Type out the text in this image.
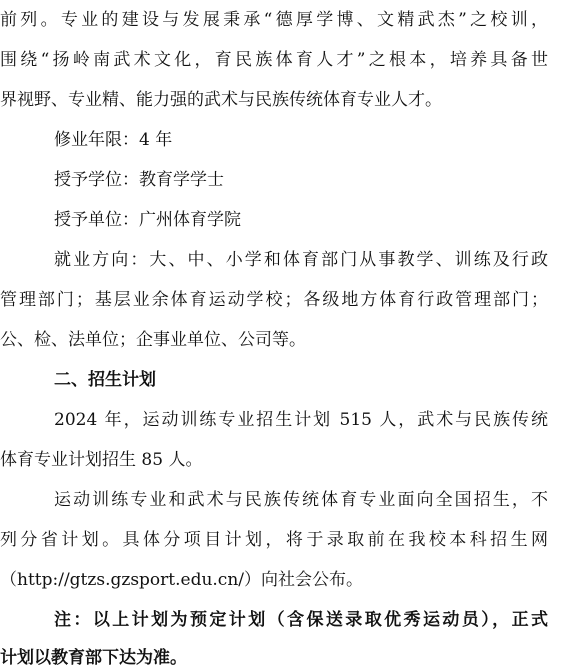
前列。专业的建设与发展秉承“德厚学博、文精武杰”之校训，
围绕“扬岭南武术文化，育民族体育人才”之根本，培养具备世
界视野、专业精、能力强的武术与民族传统体育专业人才。
修业年限：4 年
授予学位：教育学学士
授予单位：广州体育学院
就业方向：大、中、小学和体育部门从事教学、训练及行政
管理部门；基层业余体育运动学校；各级地方体育行政管理部门；
公、检、法单位；企事业单位、公司等。
二、招生计划
2024 年，运动训练专业招生计划 515 人，武术与民族传统
体育专业计划招生 85 人。
运动训练专业和武术与民族传统体育专业面向全国招生，不
列分省计划。具体分项目计划，将于录取前在我校本科招生网
（http://gtzs.gzsport.edu.cn/）向社会公布。
注：以上计划为预定计划（含保送录取优秀运动员），正式
计划以教育部下达为准。
